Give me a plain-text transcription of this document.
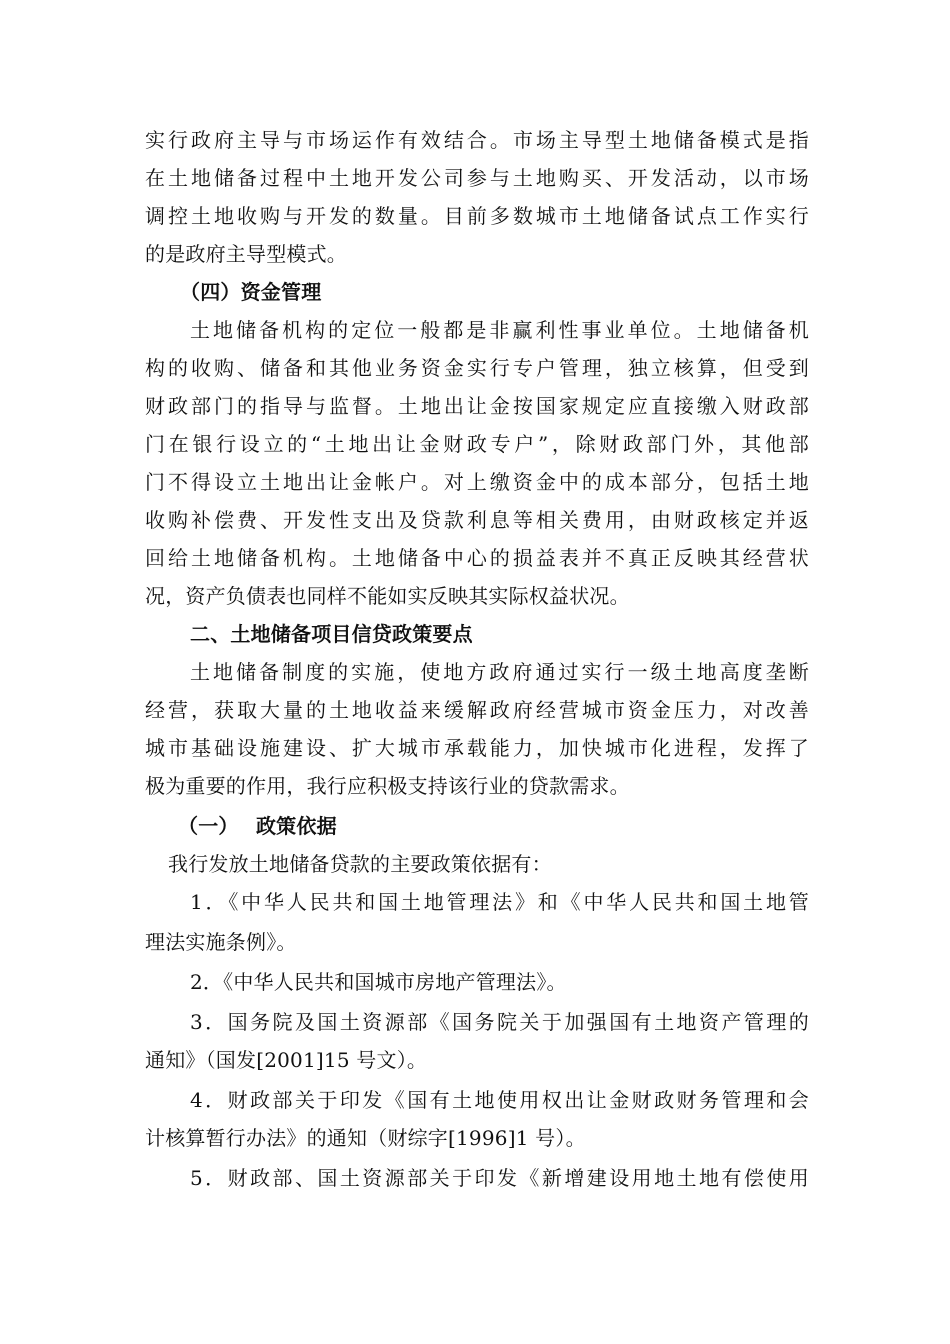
实行政府主导与市场运作有效结合。市场主导型土地储备模式是指
在土地储备过程中土地开发公司参与土地购买、开发活动，以市场
调控土地收购与开发的数量。目前多数城市土地储备试点工作实行
的是政府主导型模式。
（四）资金管理
土地储备机构的定位一般都是非赢利性事业单位。土地储备机
构的收购、储备和其他业务资金实行专户管理，独立核算，但受到
财政部门的指导与监督。土地出让金按国家规定应直接缴入财政部
门在银行设立的“土地出让金财政专户”，除财政部门外，其他部
门不得设立土地出让金帐户。对上缴资金中的成本部分，包括土地
收购补偿费、开发性支出及贷款利息等相关费用，由财政核定并返
回给土地储备机构。土地储备中心的损益表并不真正反映其经营状
况，资产负债表也同样不能如实反映其实际权益状况。
二、土地储备项目信贷政策要点
土地储备制度的实施，使地方政府通过实行一级土地高度垄断
经营，获取大量的土地收益来缓解政府经营城市资金压力，对改善
城市基础设施建设、扩大城市承载能力，加快城市化进程，发挥了
极为重要的作用，我行应积极支持该行业的贷款需求。
（一）　 政策依据
我行发放土地储备贷款的主要政策依据有：
1．《中华人民共和国土地管理法》和《中华人民共和国土地管
理法实施条例》。
2．《中华人民共和国城市房地产管理法》。
3．国务院及国土资源部《国务院关于加强国有土地资产管理的
通知》（国发[2001]15 号文）。
4．财政部关于印发《国有土地使用权出让金财政财务管理和会
计核算暂行办法》的通知（财综字[1996]1 号）。
5．财政部、国土资源部关于印发《新增建设用地土地有偿使用
